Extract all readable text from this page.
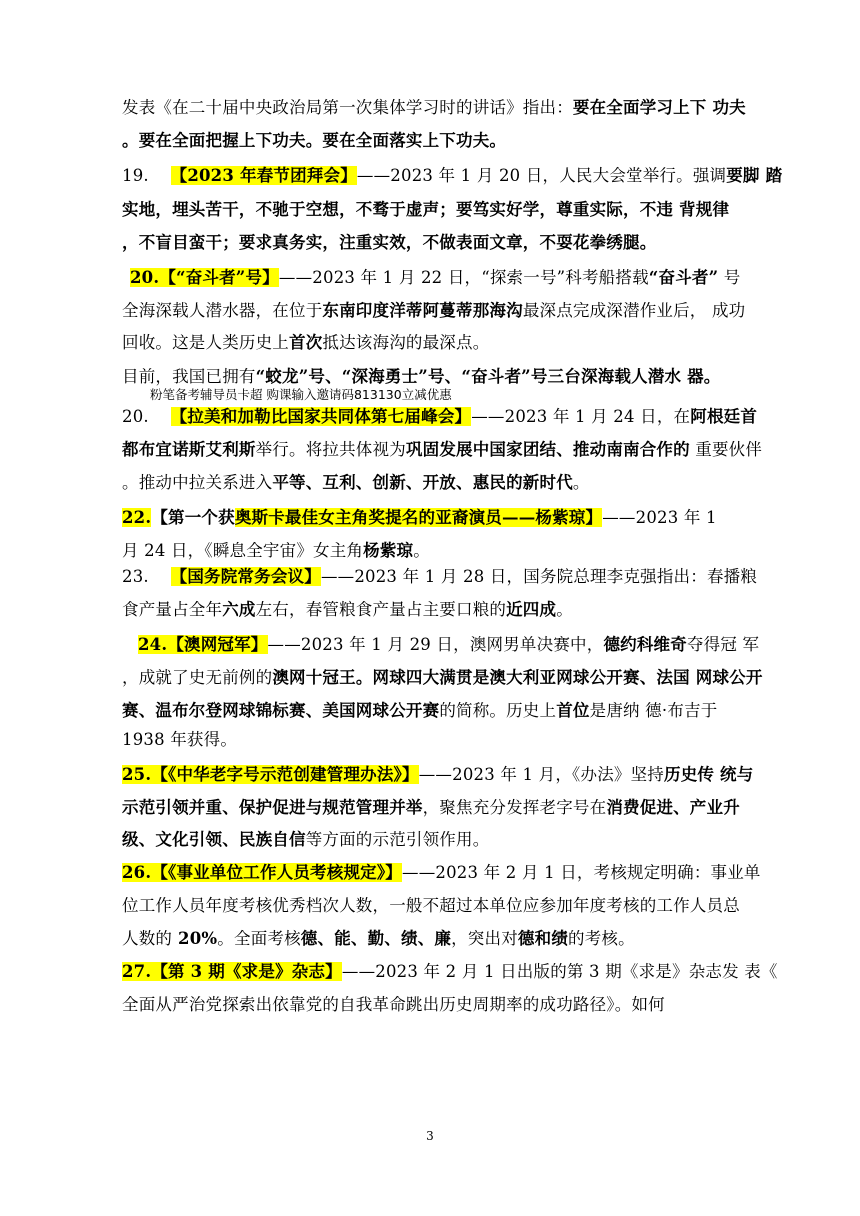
发表《在二十届中央政治局第一次集体学习时的讲话》指出：要在全面学习上下 功夫
。要在全面把握上下功夫。要在全面落实上下功夫。
19. 【2023 年春节团拜会】——2023 年 1 月 20 日，人民大会堂举行。强调要脚 踏
实地，埋头苦干，不驰于空想，不骛于虚声；要笃实好学，尊重实际，不违 背规律
，不盲目蛮干；要求真务实，注重实效，不做表面文章，不耍花拳绣腿。
20.【“奋斗者”号】——2023 年 1 月 22 日，“探索一号”科考船搭载“奋斗者” 号
全海深载人潜水器，在位于东南印度洋蒂阿蔓蒂那海沟最深点完成深潜作业后， 成功
回收。这是人类历史上首次抵达该海沟的最深点。
目前，我国已拥有“蛟龙”号、“深海勇士”号、“奋斗者”号三台深海载人潜水 器。
粉笔备考辅导员卡超 购课输入邀请码813130立减优惠
20. 【拉美和加勒比国家共同体第七届峰会】——2023 年 1 月 24 日，在阿根廷首
都布宜诺斯艾利斯举行。将拉共体视为巩固发展中国家团结、推动南南合作的 重要伙伴
。推动中拉关系进入平等、互利、创新、开放、惠民的新时代。
22.【第一个获奥斯卡最佳女主角奖提名的亚裔演员——杨紫琼】——2023 年 1
月 24 日，《瞬息全宇宙》女主角杨紫琼。
23. 【国务院常务会议】——2023 年 1 月 28 日，国务院总理李克强指出：春播粮
食产量占全年六成左右，春管粮食产量占主要口粮的近四成。
24.【澳网冠军】——2023 年 1 月 29 日，澳网男单决赛中，德约科维奇夺得冠 军
，成就了史无前例的澳网十冠王。网球四大满贯是澳大利亚网球公开赛、法国 网球公开
赛、温布尔登网球锦标赛、美国网球公开赛的简称。历史上首位是唐纳 德·布吉于
1938 年获得。
25.【《中华老字号示范创建管理办法》】——2023 年 1 月，《办法》坚持历史传 统与
示范引领并重、保护促进与规范管理并举，聚焦充分发挥老字号在消费促进、产业升
级、文化引领、民族自信等方面的示范引领作用。
26.【《事业单位工作人员考核规定》】——2023 年 2 月 1 日，考核规定明确：事业单
位工作人员年度考核优秀档次人数，一般不超过本单位应参加年度考核的工作人员总
人数的 20%。全面考核德、能、勤、绩、廉，突出对德和绩的考核。
27.【第 3 期《求是》杂志】——2023 年 2 月 1 日出版的第 3 期《求是》杂志发 表《
全面从严治党探索出依靠党的自我革命跳出历史周期率的成功路径》。如何
3
